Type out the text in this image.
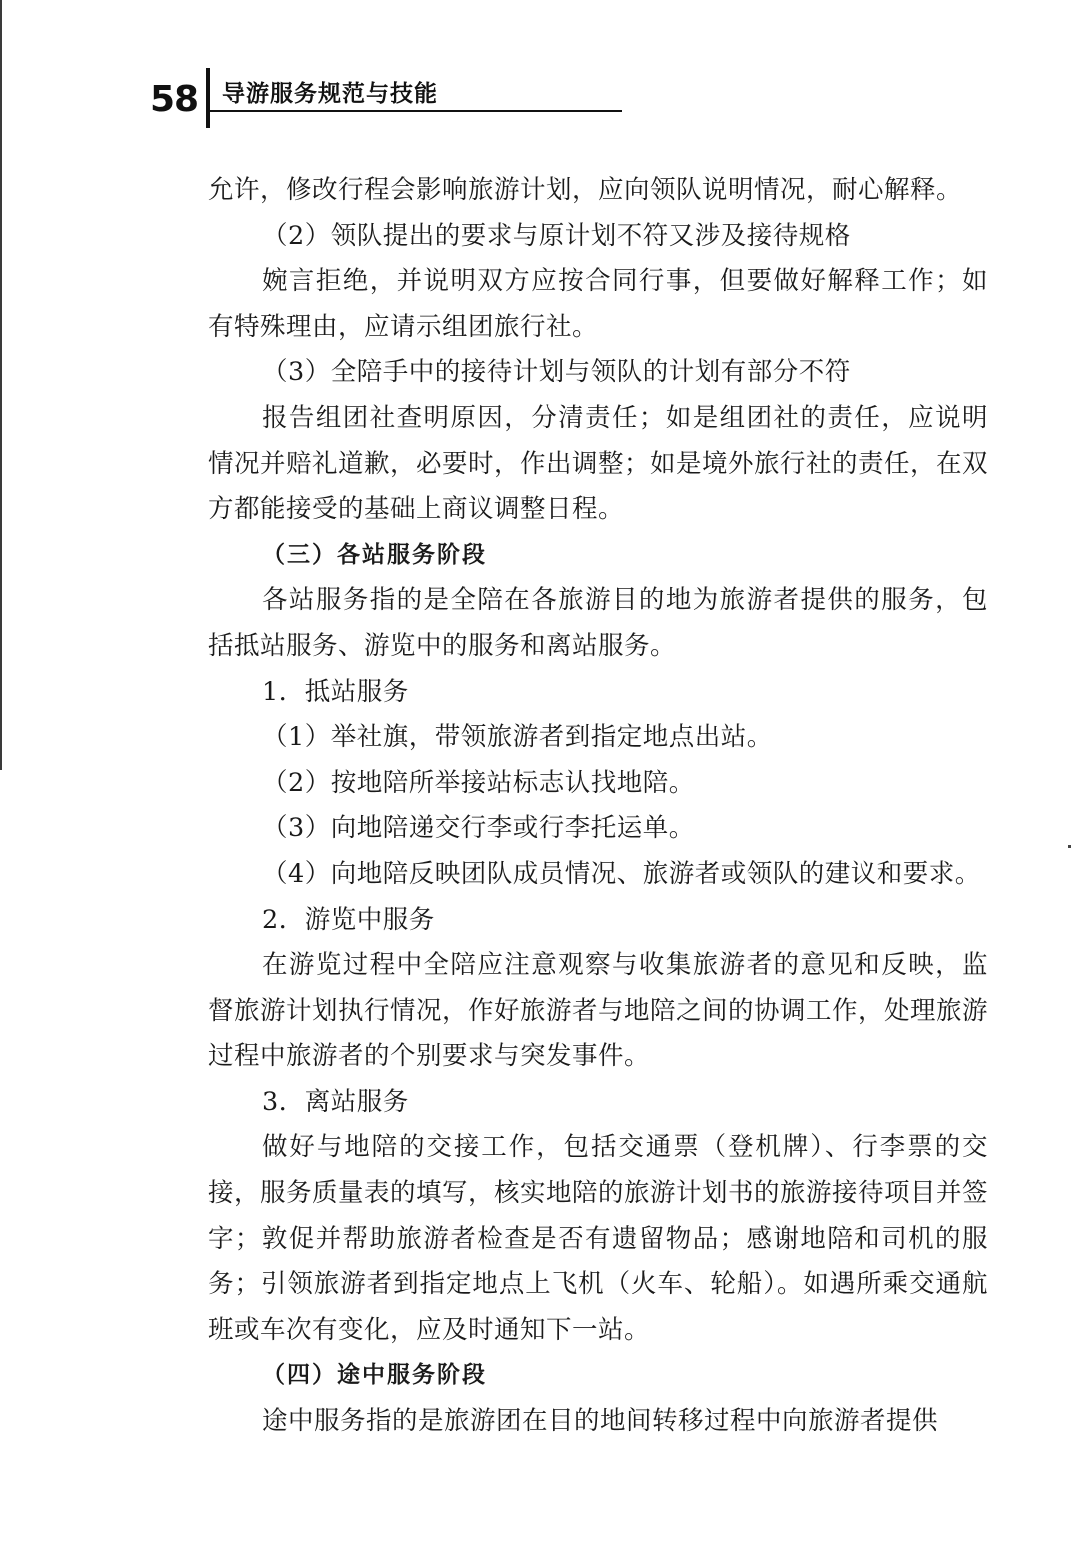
58 导游服务规范与技能

允许，修改行程会影响旅游计划，应向领队说明情况，耐心解释。

（2）领队提出的要求与原计划不符又涉及接待规格

婉言拒绝，并说明双方应按合同行事，但要做好解释工作；如有特殊理由，应请示组团旅行社。

（3）全陪手中的接待计划与领队的计划有部分不符

报告组团社查明原因，分清责任；如是组团社的责任，应说明情况并赔礼道歉，必要时，作出调整；如是境外旅行社的责任，在双方都能接受的基础上商议调整日程。

（三）各站服务阶段

各站服务指的是全陪在各旅游目的地为旅游者提供的服务，包括抵站服务、游览中的服务和离站服务。

1．抵站服务

（1）举社旗，带领旅游者到指定地点出站。

（2）按地陪所举接站标志认找地陪。

（3）向地陪递交行李或行李托运单。

（4）向地陪反映团队成员情况、旅游者或领队的建议和要求。

2．游览中服务

在游览过程中全陪应注意观察与收集旅游者的意见和反映，监督旅游计划执行情况，作好旅游者与地陪之间的协调工作，处理旅游过程中旅游者的个别要求与突发事件。

3．离站服务

做好与地陪的交接工作，包括交通票（登机牌）、行李票的交接，服务质量表的填写，核实地陪的旅游计划书的旅游接待项目并签字；敦促并帮助旅游者检查是否有遗留物品；感谢地陪和司机的服务；引领旅游者到指定地点上飞机（火车、轮船）。如遇所乘交通航班或车次有变化，应及时通知下一站。

（四）途中服务阶段

途中服务指的是旅游团在目的地间转移过程中向旅游者提供
